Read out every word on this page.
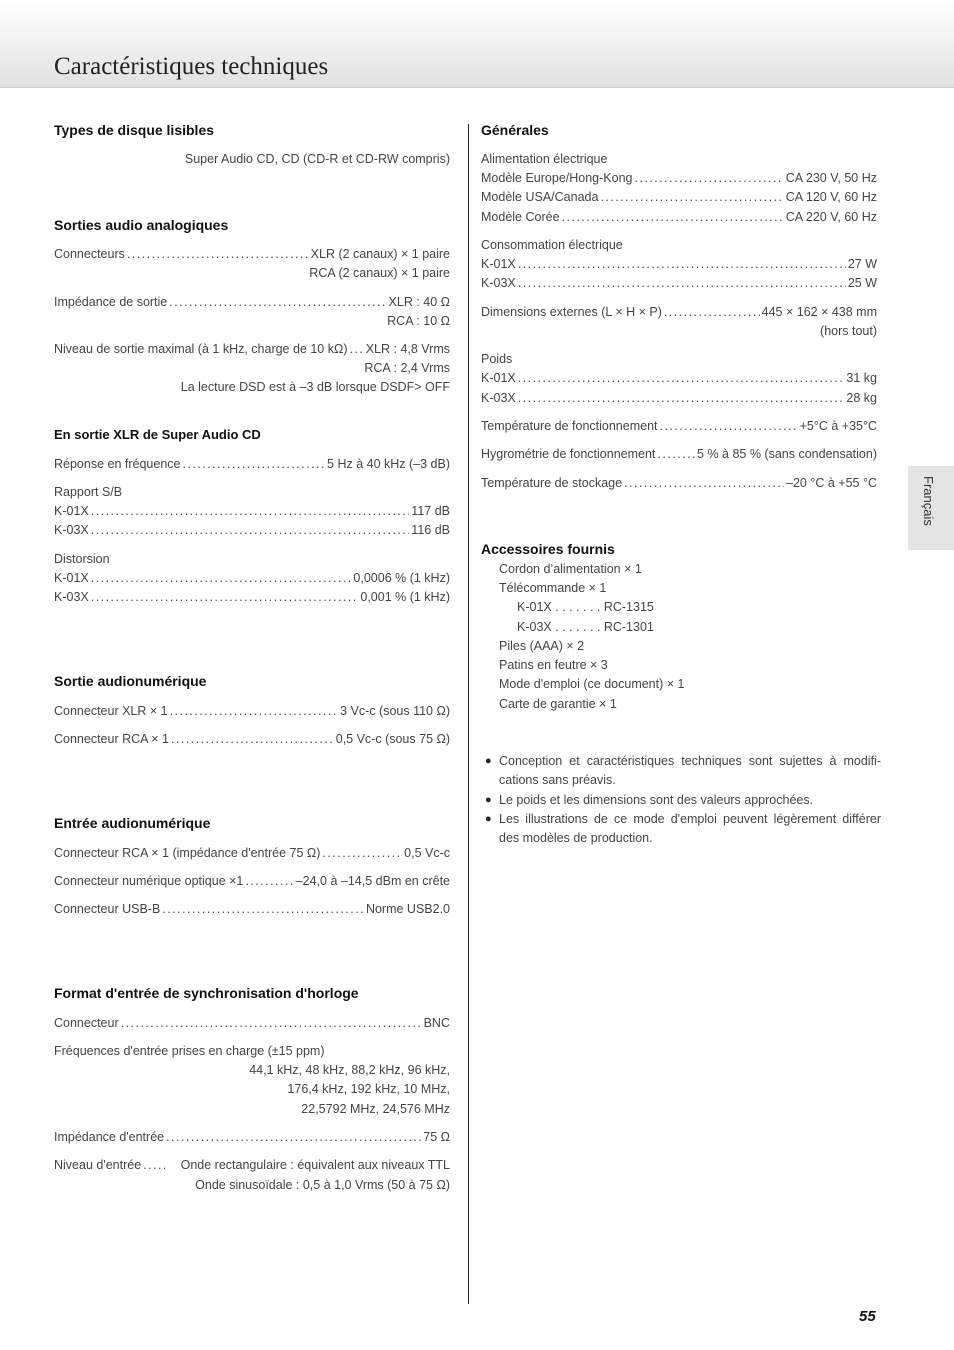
Caractéristiques techniques
Types de disque lisibles
Super Audio CD, CD (CD-R et CD-RW compris)
Sorties audio analogiques
Connecteurs . . .	XLR (2 canaux) × 1 paire
RCA (2 canaux) × 1 paire
Impédance de sortie . . .	XLR : 40 Ω
RCA : 10 Ω
Niveau de sortie maximal (à 1 kHz, charge de 10 kΩ) . . . XLR : 4,8 Vrms
RCA : 2,4 Vrms
La lecture DSD est à –3 dB lorsque DSDF> OFF
En sortie XLR de Super Audio CD
Réponse en fréquence . . .	5 Hz à 40 kHz (–3 dB)
Rapport S/B
K-01X . . .	117 dB
K-03X . . .	116 dB
Distorsion
K-01X . . .	0,0006 % (1 kHz)
K-03X . . .	0,001 % (1 kHz)
Sortie audionumérique
Connecteur XLR × 1 . . .	3 Vc-c (sous 110 Ω)
Connecteur RCA × 1 . . .	0,5 Vc-c (sous 75 Ω)
Entrée audionumérique
Connecteur RCA × 1 (impédance d'entrée 75 Ω) . . .	0,5 Vc-c
Connecteur numérique optique ×1 . . .	–24,0 à –14,5 dBm en crête
Connecteur USB-B . . .	Norme USB2.0
Format d'entrée de synchronisation d'horloge
Connecteur . . .	BNC
Fréquences d'entrée prises en charge (±15 ppm)
44,1 kHz, 48 kHz, 88,2 kHz, 96 kHz,
176,4 kHz, 192 kHz, 10 MHz,
22,5792 MHz, 24,576 MHz
Impédance d'entrée . . .	75 Ω
Niveau d'entrée . . .	Onde rectangulaire : équivalent aux niveaux TTL
Onde sinusoïdale : 0,5 à 1,0 Vrms (50 à 75 Ω)
Générales
Alimentation électrique
Modèle Europe/Hong-Kong . . .	CA 230 V, 50 Hz
Modèle USA/Canada . . .	CA 120 V, 60 Hz
Modèle Corée . . .	CA 220 V, 60 Hz
Consommation électrique
K-01X . . .	27 W
K-03X . . .	25 W
Dimensions externes (L × H × P) . . .	445 × 162 × 438 mm
(hors tout)
Poids
K-01X . . .	31 kg
K-03X . . .	28 kg
Température de fonctionnement . . .	+5°C à +35°C
Hygrométrie de fonctionnement . . .	5 % à 85 % (sans condensation)
Température de stockage . . .	–20 °C à +55 °C
Accessoires fournis
Cordon d’alimentation × 1
Télécommande × 1
K-01X . . . . . . . RC-1315
K-03X . . . . . . . RC-1301
Piles (AAA) × 2
Patins en feutre × 3
Mode d'emploi (ce document) × 1
Carte de garantie × 1
● Conception et caractéristiques techniques sont sujettes à modifi-cations sans préavis.
● Le poids et les dimensions sont des valeurs approchées.
● Les illustrations de ce mode d'emploi peuvent légèrement différer des modèles de production.
Français
55
